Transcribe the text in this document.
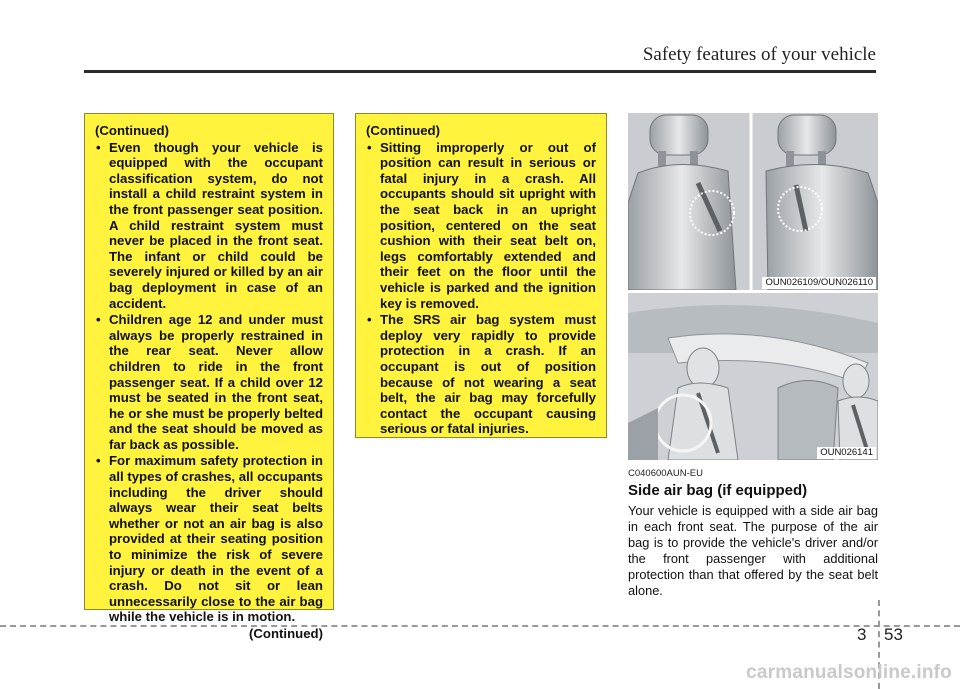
Safety features of your vehicle
(Continued)
• Even though your vehicle is equipped with the occupant classification system, do not install a child restraint system in the front passenger seat position. A child restraint system must never be placed in the front seat. The infant or child could be severely injured or killed by an air bag deployment in case of an accident.
• Children age 12 and under must always be properly restrained in the rear seat. Never allow children to ride in the front passenger seat. If a child over 12 must be seated in the front seat, he or she must be properly belted and the seat should be moved as far back as possible.
• For maximum safety protection in all types of crashes, all occupants including the driver should always wear their seat belts whether or not an air bag is also provided at their seating position to minimize the risk of severe injury or death in the event of a crash. Do not sit or lean unnecessarily close to the air bag while the vehicle is in motion.
(Continued)
(Continued)
• Sitting improperly or out of position can result in serious or fatal injury in a crash. All occupants should sit upright with the seat back in an upright position, centered on the seat cushion with their seat belt on, legs comfortably extended and their feet on the floor until the vehicle is parked and the ignition key is removed.
• The SRS air bag system must deploy very rapidly to provide protection in a crash. If an occupant is out of position because of not wearing a seat belt, the air bag may forcefully contact the occupant causing serious or fatal injuries.
OUN026109/OUN026110
OUN026141
C040600AUN-EU
Side air bag (if equipped)
Your vehicle is equipped with a side air bag in each front seat. The purpose of the air bag is to provide the vehicle's driver and/or the front passenger with additional protection than that offered by the seat belt alone.
3 53
carmanualsonline.info
